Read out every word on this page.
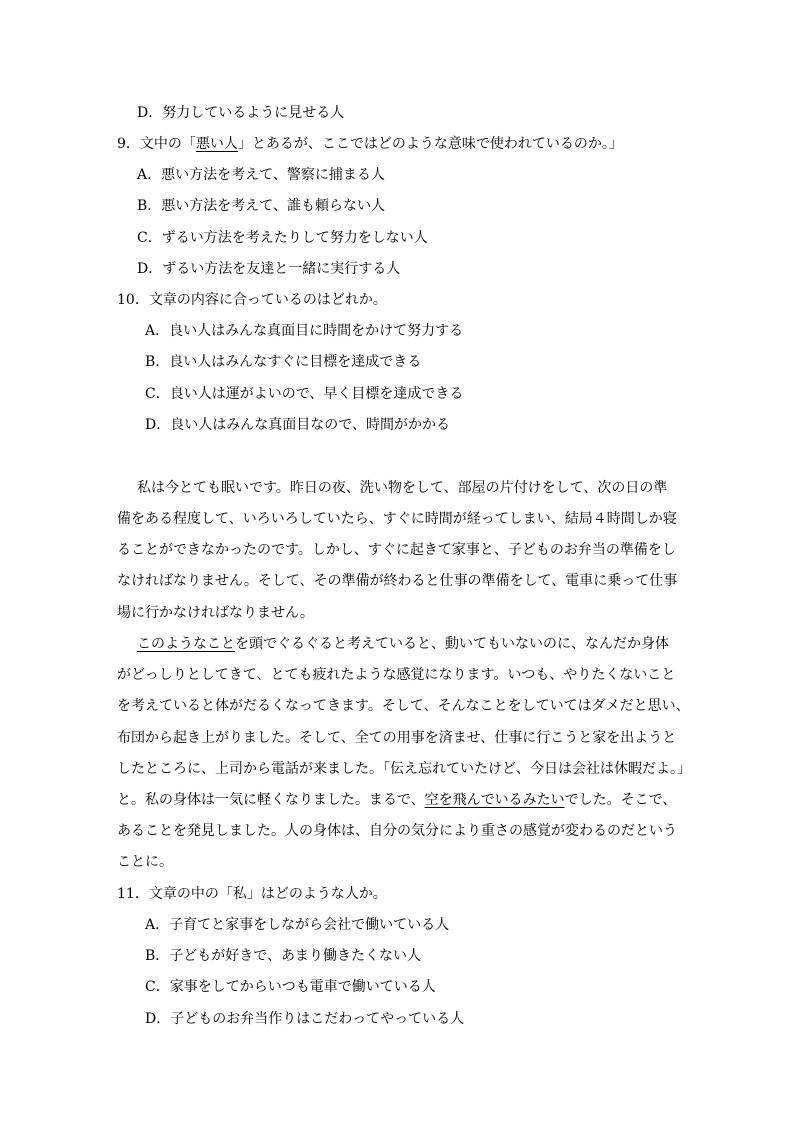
D．努力しているように見せる人
9．文中の「悪い人」とあるが、ここではどのような意味で使われているのか。」
A．悪い方法を考えて、警察に捕まる人
B．悪い方法を考えて、誰も頼らない人
C．ずるい方法を考えたりして努力をしない人
D．ずるい方法を友達と一緒に実行する人
10．文章の内容に合っているのはどれか。
A．良い人はみんな真面目に時間をかけて努力する
B．良い人はみんなすぐに目標を達成できる
C．良い人は運がよいので、早く目標を達成できる
D．良い人はみんな真面目なので、時間がかかる
私は今とても眠いです。昨日の夜、洗い物をして、部屋の片付けをして、次の日の準
備をある程度して、いろいろしていたら、すぐに時間が経ってしまい、結局４時間しか寝
ることができなかったのです。しかし、すぐに起きて家事と、子どものお弁当の準備をし
なければなりません。そして、その準備が終わると仕事の準備をして、電車に乗って仕事
場に行かなければなりません。
このようなことを頭でぐるぐると考えていると、動いてもいないのに、なんだか身体
がどっしりとしてきて、とても疲れたような感覚になります。いつも、やりたくないこと
を考えていると体がだるくなってきます。そして、そんなことをしていてはダメだと思い、
布団から起き上がりました。そして、全ての用事を済ませ、仕事に行こうと家を出ようと
したところに、上司から電話が来ました。「伝え忘れていたけど、今日は会社は休暇だよ。」
と。私の身体は一気に軽くなりました。まるで、空を飛んでいるみたいでした。そこで、
あることを発見しました。人の身体は、自分の気分により重さの感覚が変わるのだという
ことに。
11．文章の中の「私」はどのような人か。
A．子育てと家事をしながら会社で働いている人
B．子どもが好きで、あまり働きたくない人
C．家事をしてからいつも電車で働いている人
D．子どものお弁当作りはこだわってやっている人
